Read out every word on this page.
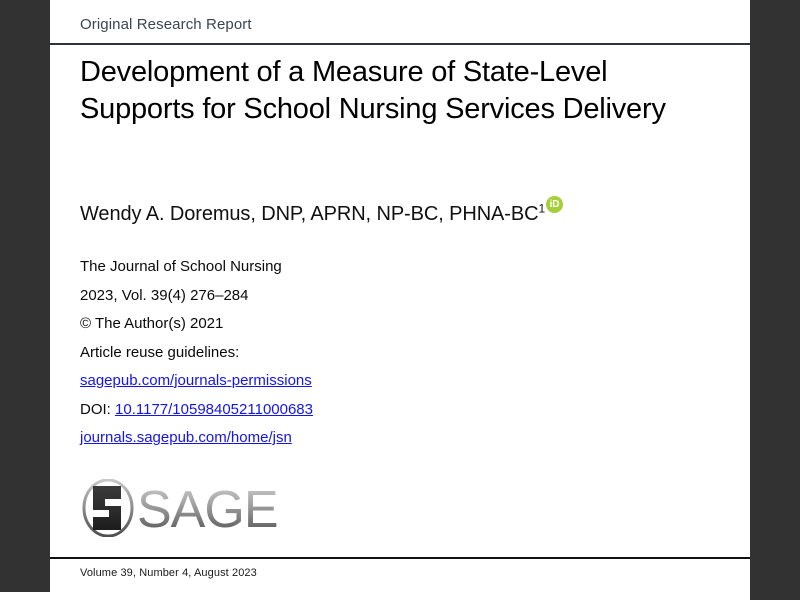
Original Research Report
Development of a Measure of State-Level Supports for School Nursing Services Delivery
Wendy A. Doremus, DNP, APRN, NP-BC, PHNA-BC$^1$ iD
The Journal of School Nursing
2023, Vol. 39(4) 276–284
© The Author(s) 2021
Article reuse guidelines:
sagepub.com/journals-permissions
DOI: 10.1177/10598405211000683
journals.sagepub.com/home/jsn
SAGE
Volume 39, Number 4, August 2023
